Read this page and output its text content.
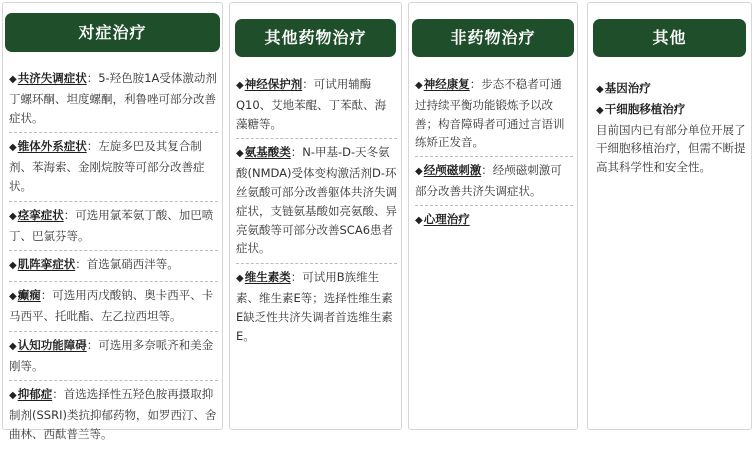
对症治疗
◆共济失调症状：5-羟色胺1A受体激动剂丁螺环酮、坦度螺酮，利鲁唑可部分改善症状。
◆锥体外系症状：左旋多巴及其复合制剂、苯海索、金刚烷胺等可部分改善症状。
◆痉挛症状：可选用氯苯氨丁酸、加巴喷丁、巴氯芬等。
◆肌阵挛症状：首选氯硝西泮等。
◆癫痫：可选用丙戊酸钠、奥卡西平、卡马西平、托吡酯、左乙拉西坦等。
◆认知功能障碍：可选用多奈哌齐和美金刚等。
◆抑郁症：首选选择性五羟色胺再摄取抑制剂(SSRI)类抗抑郁药物，如罗西汀、舍曲林、西酞普兰等。
其他药物治疗
◆神经保护剂：可试用辅酶Q10、艾地苯醌、丁苯酞、海藻糖等。
◆氨基酸类：N-甲基-D-天冬氨酸(NMDA)受体变构激活剂D-环丝氨酸可部分改善躯体共济失调症状，支链氨基酸如亮氨酸、异亮氨酸等可部分改善SCA6患者症状。
◆维生素类：可试用B族维生素、维生素E等；选择性维生素E缺乏性共济失调者首选维生素E。
非药物治疗
◆神经康复：步态不稳者可通过持续平衡功能锻炼予以改善；构音障碍者可通过言语训练矫正发音。
◆经颅磁刺激：经颅磁刺激可部分改善共济失调症状。
◆心理治疗
其他
◆基因治疗
◆干细胞移植治疗
目前国内已有部分单位开展了干细胞移植治疗，但需不断提高其科学性和安全性。
